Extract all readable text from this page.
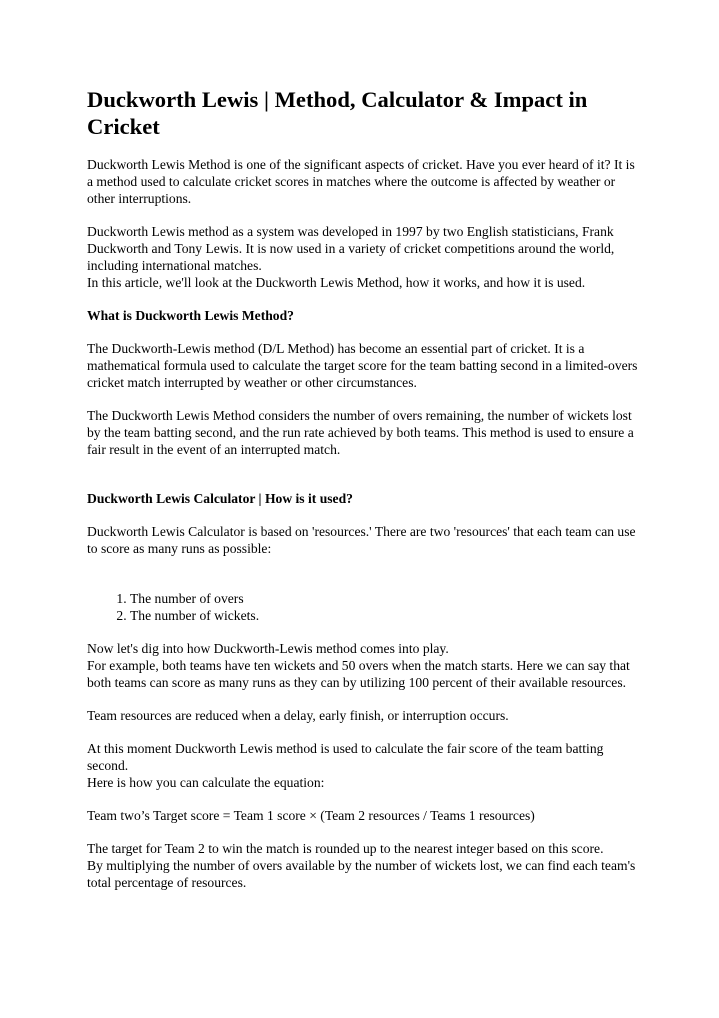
Duckworth Lewis | Method, Calculator & Impact in Cricket

Duckworth Lewis Method is one of the significant aspects of cricket. Have you ever heard of it? It is a method used to calculate cricket scores in matches where the outcome is affected by weather or other interruptions.

Duckworth Lewis method as a system was developed in 1997 by two English statisticians, Frank Duckworth and Tony Lewis. It is now used in a variety of cricket competitions around the world, including international matches.
In this article, we'll look at the Duckworth Lewis Method, how it works, and how it is used.

What is Duckworth Lewis Method?

The Duckworth-Lewis method (D/L Method) has become an essential part of cricket. It is a mathematical formula used to calculate the target score for the team batting second in a limited-overs cricket match interrupted by weather or other circumstances.

The Duckworth Lewis Method considers the number of overs remaining, the number of wickets lost by the team batting second, and the run rate achieved by both teams. This method is used to ensure a fair result in the event of an interrupted match.

Duckworth Lewis Calculator | How is it used?

Duckworth Lewis Calculator is based on 'resources.' There are two 'resources' that each team can use to score as many runs as possible:

1. The number of overs
2. The number of wickets.

Now let's dig into how Duckworth-Lewis method comes into play.
For example, both teams have ten wickets and 50 overs when the match starts. Here we can say that both teams can score as many runs as they can by utilizing 100 percent of their available resources.

Team resources are reduced when a delay, early finish, or interruption occurs.

At this moment Duckworth Lewis method is used to calculate the fair score of the team batting second.
Here is how you can calculate the equation:

Team two’s Target score = Team 1 score × (Team 2 resources / Teams 1 resources)

The target for Team 2 to win the match is rounded up to the nearest integer based on this score.
By multiplying the number of overs available by the number of wickets lost, we can find each team's total percentage of resources.
